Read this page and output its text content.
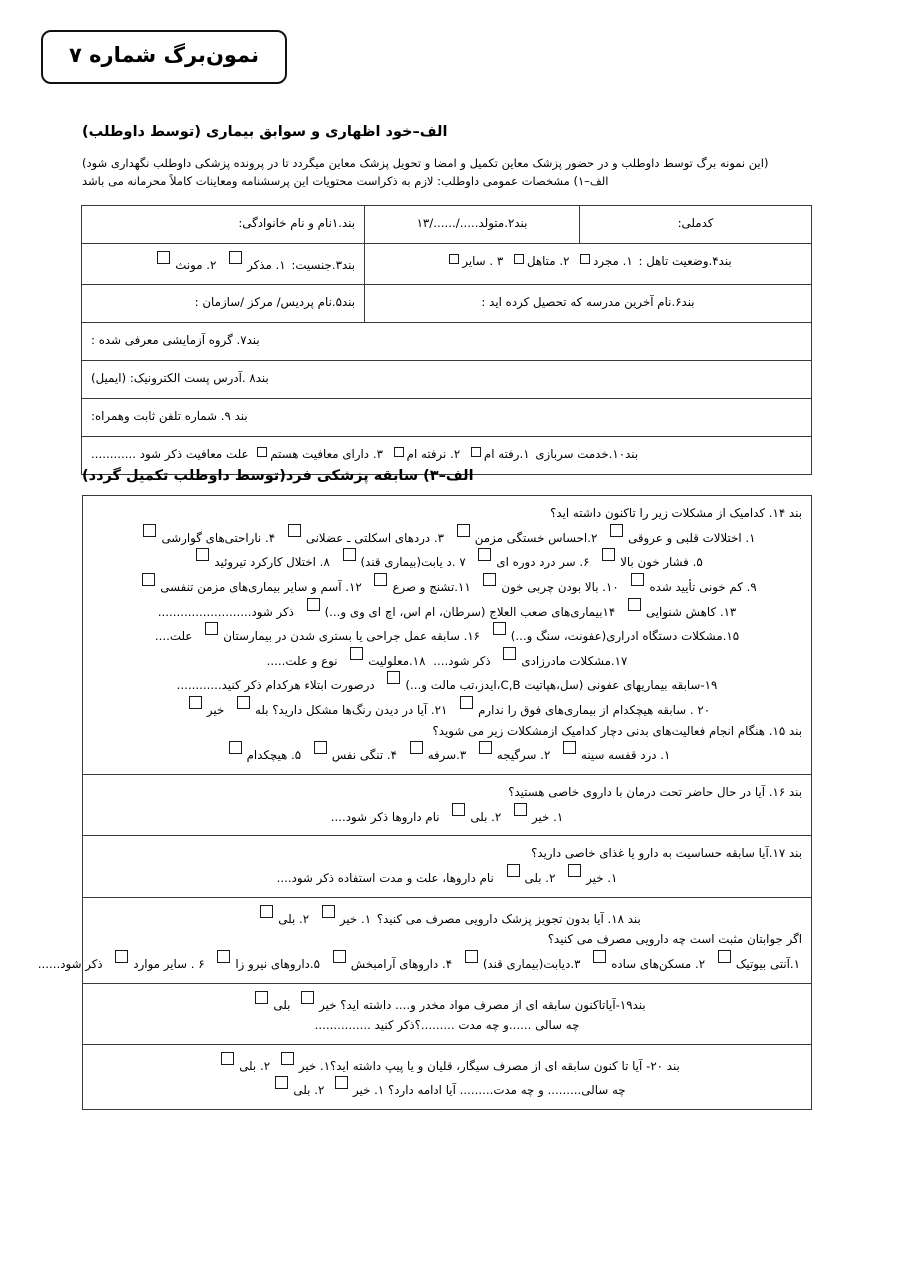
نمون‌برگ شماره ۷
الف–خود اظهاری و سوابق بیماری (توسط داوطلب)
(این نمونه برگ توسط داوطلب و در حضور پزشک معاین تکمیل و امضا و تحویل پزشک معاین میگردد تا در پرونده پزشکی داوطلب نگهداری شود)
الف–۱) مشخصات عمومی داوطلب: لازم به ذکراست محتویات این پرسشنامه ومعاینات کاملاً محرمانه می باشد
کدملی:	بند۲.متولد...../....../۱۳	بند.۱نام و نام خانوادگی:
بند۴.وضعیت تاهل : ۱. مجرد ۲. متاهل ۳ . سایر		بند۳.جنسیت: ۱. مذکر ۲. مونث
بند۶.نام آخرین مدرسه که تحصیل کرده اید :		بند۵.نام پردیس/ مرکز /سازمان :
بند۷. گروه آزمایشی معرفی شده :		
بند۸ .آدرس پست الکترونیک: (ایمیل)		
بند ۹. شماره تلفن ثابت وهمراه:		
بند۱۰.خدمت سربازی ۱.رفته ام ۲. نرفته ام ۳. دارای معافیت هستم علت معافیت ذکر شود ............		
الف–۳) سابقه پزشکی فرد(توسط داوطلب تکمیل گردد)
بند ۱۴. کدامیک از مشکلات زیر را تاکنون داشته اید؟
۱. اختلالات قلبی و عروقی ۲.احساس خستگی مزمن ۳. دردهای اسکلتی ـ عضلانی ۴. ناراحتی‌های گوارشی
۵. فشار خون بالا ۶. سر درد دوره ای ۷ .د یابت(بیماری قند) ۸. اختلال کارکرد تیروئید
۹. کم خونی تأیید شده ۱۰. بالا بودن چربی خون ۱۱.تشنج و صرع ۱۲. آسم و سایر بیماری‌های مزمن تنفسی
۱۳. کاهش شنوایی ۱۴بیماری‌های صعب العلاج (سرطان، ام اس، اچ ای وی و...) ذکر شود.........................
۱۵.مشکلات دستگاه ادراری(عفونت، سنگ و...) ۱۶. سابقه عمل جراحی یا بستری شدن در بیمارستان علت....
۱۷.مشکلات مادرزادی ذکر شود.... ۱۸.معلولیت نوع و علت.....
۱۹-سابقه بیماریهای عفونی (سل،هپاتیت C,B،ایدز،تب مالت و...) درصورت ابتلاء هرکدام ذکر کنید............
۲۰ . سابقه هیچکدام از بیماری‌های فوق را ندارم ۲۱. آیا در دیدن رنگ‌ها مشکل دارید؟ بله خیر
بند ۱۵. هنگام انجام فعالیت‌های بدنی دچار کدامیک ازمشکلات زیر می شوید؟
۱. درد قفسه سینه ۲. سرگیجه ۳.سرفه ۴. تنگی نفس ۵. هیچکدام

بند ۱۶. آیا در حال حاضر تحت درمان با داروی خاصی هستید؟
۱. خیر ۲. بلی نام داروها ذکر شود....

بند ۱۷.آیا سابقه حساسیت به دارو یا غذای خاصی دارید؟
۱. خیر ۲. بلی نام داروها، علت و مدت استفاده ذکر شود....

بند ۱۸. آیا بدون تجویز پزشک دارویی مصرف می کنید؟ ۱. خیر ۲. بلی
اگر جوابتان مثبت است چه دارویی مصرف می کنید؟
۱.آنتی بیوتیک ۲. مسکن‌های ساده ۳.دیابت(بیماری قند) ۴. داروهای آرامبخش ۵.داروهای نیرو زا ۶ . سایر موارد ذکر شود......

بند۱۹-آیاتاکنون سابقه ای از مصرف مواد مخدر و.... داشته اید؟ خیر بلی
چه سالی ......و چه مدت .........؟ذکر کنید ...............

بند ۲۰- آیا تا کنون سابقه ای از مصرف سیگار، قلیان و یا پیپ داشته اید؟۱. خیر ۲. بلی
چه سالی......... و چه مدت......... آیا ادامه دارد؟ ۱. خیر ۲. بلی
